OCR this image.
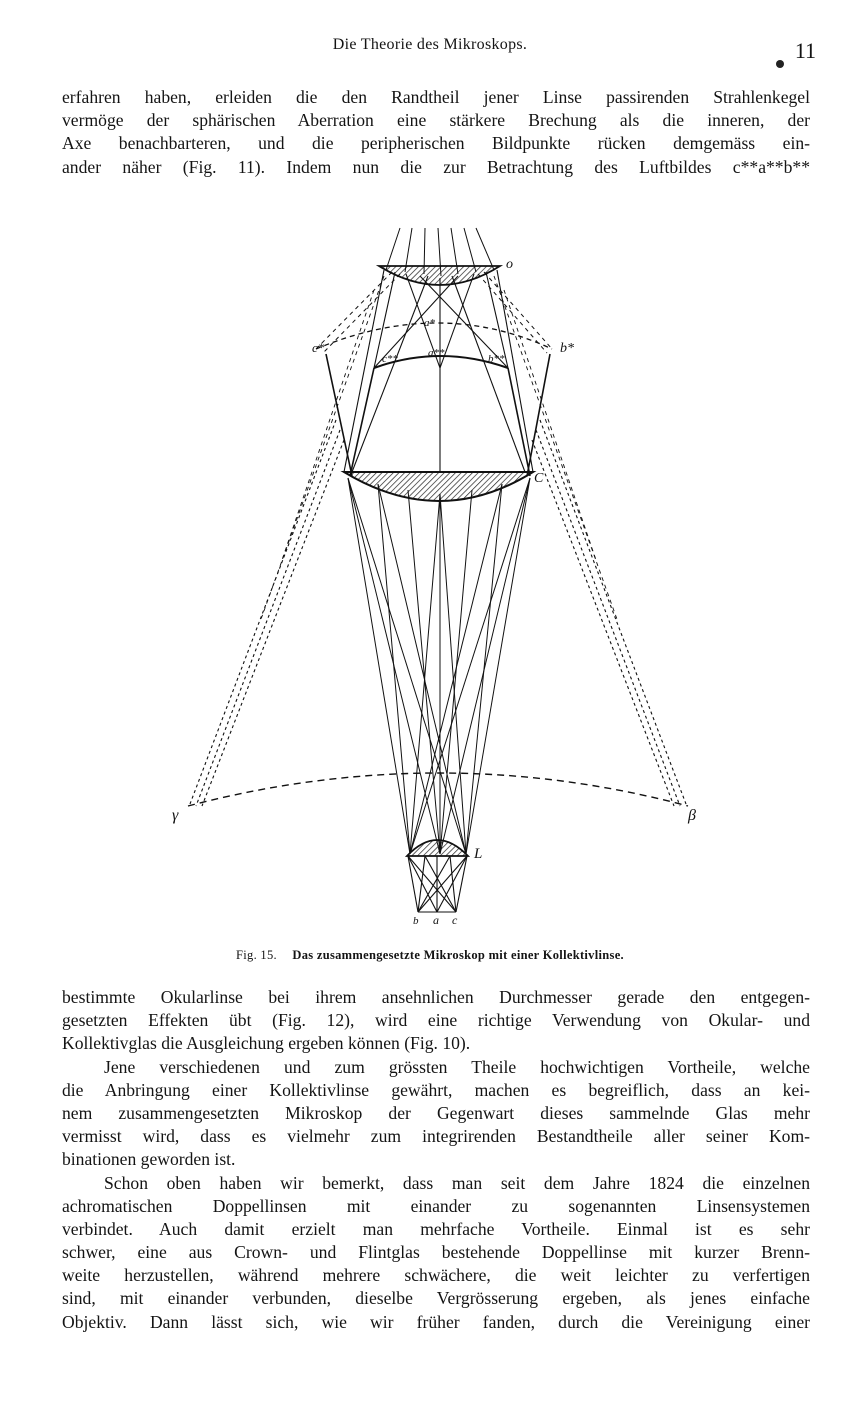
Die Theorie des Mikroskops.	11
erfahren haben, erleiden die den Randtheil jener Linse passirenden Strahlenkegel
vermöge der sphärischen Aberration eine stärkere Brechung als die inneren, der
Axe benachbarteren, und die peripherischen Bildpunkte rücken demgemäss ein-
ander näher (Fig. 11). Indem nun die zur Betrachtung des Luftbildes c**a**b**
o
c*	b*
c**	a**	b**
a*
C
γ	β
L
b a c
Fig. 15. Das zusammengesetzte Mikroskop mit einer Kollektivlinse.
bestimmte Okularlinse bei ihrem ansehnlichen Durchmesser gerade den entgegen-
gesetzten Effekten übt (Fig. 12), wird eine richtige Verwendung von Okular- und
Kollektivglas die Ausgleichung ergeben können (Fig. 10).
Jene verschiedenen und zum grössten Theile hochwichtigen Vortheile, welche
die Anbringung einer Kollektivlinse gewährt, machen es begreiflich, dass an kei-
nem zusammengesetzten Mikroskop der Gegenwart dieses sammelnde Glas mehr
vermisst wird, dass es vielmehr zum integrirenden Bestandtheile aller seiner Kom-
binationen geworden ist.
Schon oben haben wir bemerkt, dass man seit dem Jahre 1824 die einzelnen
achromatischen Doppellinsen mit einander zu sogenannten Linsensystemen
verbindet. Auch damit erzielt man mehrfache Vortheile. Einmal ist es sehr
schwer, eine aus Crown- und Flintglas bestehende Doppellinse mit kurzer Brenn-
weite herzustellen, während mehrere schwächere, die weit leichter zu verfertigen
sind, mit einander verbunden, dieselbe Vergrösserung ergeben, als jenes einfache
Objektiv. Dann lässt sich, wie wir früher fanden, durch die Vereinigung einer
